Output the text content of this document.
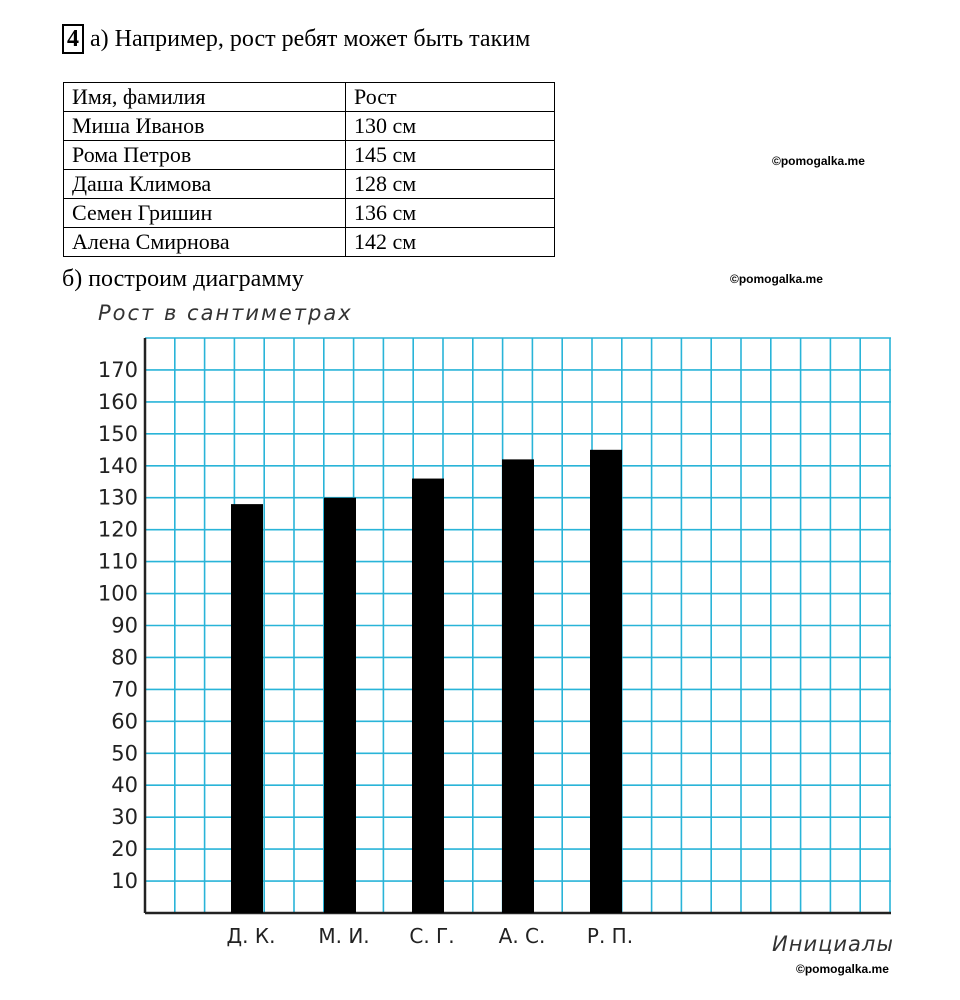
4 а) Например, рост ребят может быть таким
Имя, фамилия	Рост
Миша Иванов	130 см
Рома Петров	145 см
Даша Климова	128 см
Семен Гришин	136 см
Алена Смирнова	142 см
б) построим диаграмму
©pomogalka.me
©pomogalka.me
©pomogalka.me
10
20
30
40
50
60
70
80
90
100
110
120
130
140
150
160
170
Д. К. М. И. С. Г. А. С. Р. П.
Рост в сантиметрах
Инициалы
